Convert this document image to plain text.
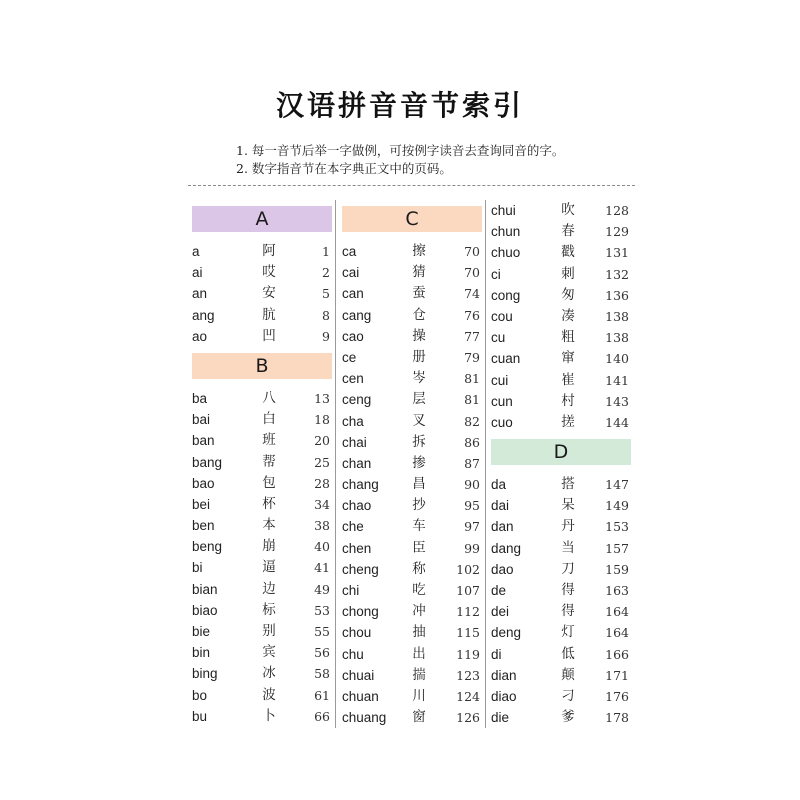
汉语拼音音节索引
1. 每一音节后举一字做例，可按例字读音去查询同音的字。
2. 数字指音节在本字典正文中的页码。
A
a	阿	1
ai	哎	2
an	安	5
ang	肮	8
ao	凹	9
B
ba	八	13
bai	白	18
ban	班	20
bang	帮	25
bao	包	28
bei	杯	34
ben	本	38
beng	崩	40
bi	逼	41
bian	边	49
biao	标	53
bie	别	55
bin	宾	56
bing	冰	58
bo	波	61
bu	卜	66
C
ca	擦	70
cai	猜	70
can	蚕	74
cang	仓	76
cao	操	77
ce	册	79
cen	岑	81
ceng	层	81
cha	叉	82
chai	拆	86
chan	掺	87
chang	昌	90
chao	抄	95
che	车	97
chen	臣	99
cheng	称	102
chi	吃	107
chong	冲	112
chou	抽	115
chu	出	119
chuai	揣	123
chuan	川	124
chuang	窗	126
chui	吹	128
chun	春	129
chuo	戳	131
ci	刺	132
cong	匆	136
cou	凑	138
cu	粗	138
cuan	窜	140
cui	崔	141
cun	村	143
cuo	搓	144
D
da	搭	147
dai	呆	149
dan	丹	153
dang	当	157
dao	刀	159
de	得	163
dei	得	164
deng	灯	164
di	低	166
dian	颠	171
diao	刁	176
die	爹	178
